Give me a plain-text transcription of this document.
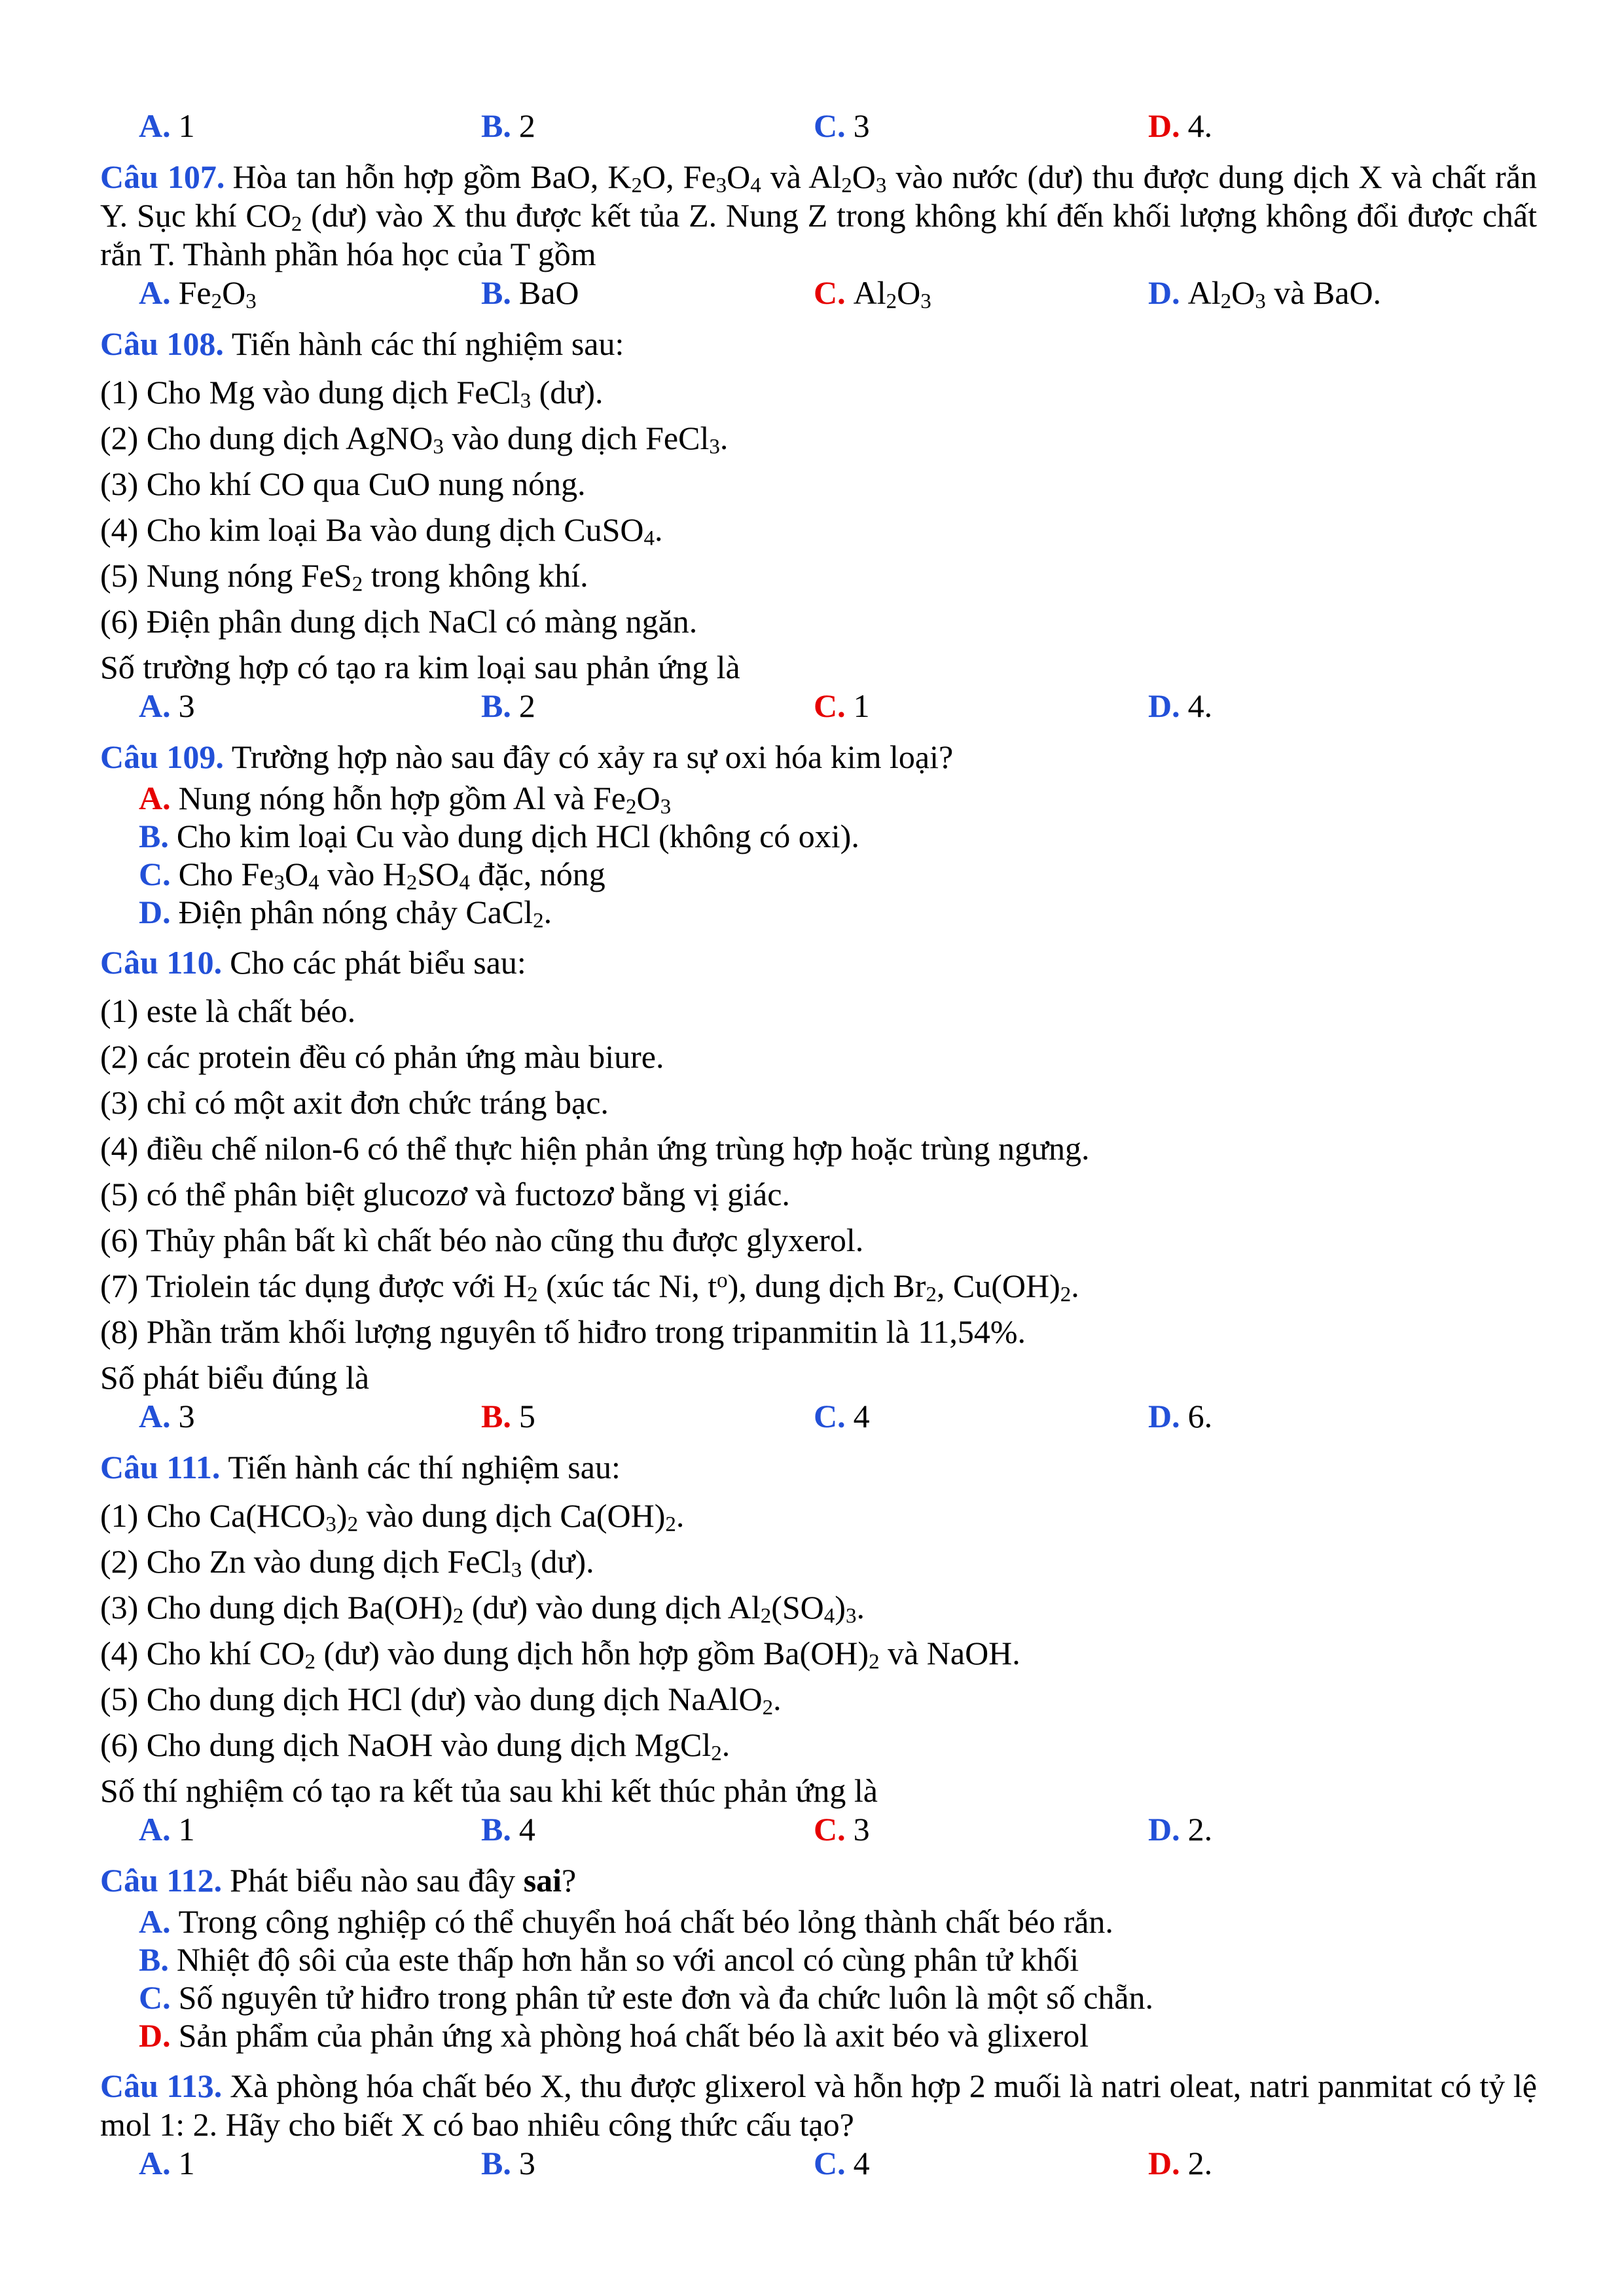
A. 1	B. 2	C. 3	D. 4.

Câu 107. Hòa tan hỗn hợp gồm BaO, $K_2O$, $Fe_3O_4$ và $Al_2O_3$ vào nước (dư) thu được dung dịch X và chất rắn Y. Sục khí $CO_2$ (dư) vào X thu được kết tủa Z. Nung Z trong không khí đến khối lượng không đổi được chất rắn T. Thành phần hóa học của T gồm

A. $Fe_2O_3$	B. BaO	C. $Al_2O_3$	D. $Al_2O_3$ và BaO.

Câu 108. Tiến hành các thí nghiệm sau:

(1) Cho Mg vào dung dịch FeCl$_3$ (dư).

(2) Cho dung dịch AgNO$_3$ vào dung dịch FeCl$_3$.

(3) Cho khí CO qua CuO nung nóng.

(4) Cho kim loại Ba vào dung dịch CuSO$_4$.

(5) Nung nóng FeS$_2$ trong không khí.

(6) Điện phân dung dịch NaCl có màng ngăn.

Số trường hợp có tạo ra kim loại sau phản ứng là

A. 3	B. 2	C. 1	D. 4.

Câu 109. Trường hợp nào sau đây có xảy ra sự oxi hóa kim loại?

A. Nung nóng hỗn hợp gồm Al và $Fe_2O_3$
B. Cho kim loại Cu vào dung dịch HCl (không có oxi).
C. Cho $Fe_3O_4$ vào $H_2SO_4$ đặc, nóng
D. Điện phân nóng chảy CaCl$_2$.

Câu 110. Cho các phát biểu sau:

(1) este là chất béo.

(2) các protein đều có phản ứng màu biure.

(3) chỉ có một axit đơn chức tráng bạc.

(4) điều chế nilon-6 có thể thực hiện phản ứng trùng hợp hoặc trùng ngưng.

(5) có thể phân biệt glucozơ và fuctozơ bằng vị giác.

(6) Thủy phân bất kì chất béo nào cũng thu được glyxerol.

(7) Triolein tác dụng được với $H_2$ (xúc tác Ni, $t^o$), dung dịch $Br_2$, $Cu(OH)_2$.

(8) Phần trăm khối lượng nguyên tố hiđro trong tripanmitin là 11,54%.

Số phát biểu đúng là

A. 3	B. 5	C. 4	D. 6.

Câu 111. Tiến hành các thí nghiệm sau:

(1) Cho $Ca(HCO_3)_2$ vào dung dịch $Ca(OH)_2$.

(2) Cho Zn vào dung dịch FeCl$_3$ (dư).

(3) Cho dung dịch $Ba(OH)_2$ (dư) vào dung dịch $Al_2(SO_4)_3$.

(4) Cho khí $CO_2$ (dư) vào dung dịch hỗn hợp gồm $Ba(OH)_2$ và NaOH.

(5) Cho dung dịch HCl (dư) vào dung dịch NaAlO$_2$.

(6) Cho dung dịch NaOH vào dung dịch MgCl$_2$.

Số thí nghiệm có tạo ra kết tủa sau khi kết thúc phản ứng là

A. 1	B. 4	C. 3	D. 2.

Câu 112. Phát biểu nào sau đây sai?

A. Trong công nghiệp có thể chuyển hoá chất béo lỏng thành chất béo rắn.
B. Nhiệt độ sôi của este thấp hơn hẳn so với ancol có cùng phân tử khối
C. Số nguyên tử hiđro trong phân tử este đơn và đa chức luôn là một số chẵn.
D. Sản phẩm của phản ứng xà phòng hoá chất béo là axit béo và glixerol

Câu 113. Xà phòng hóa chất béo X, thu được glixerol và hỗn hợp 2 muối là natri oleat, natri panmitat có tỷ lệ mol 1: 2. Hãy cho biết X có bao nhiêu công thức cấu tạo?

A. 1	B. 3	C. 4	D. 2.
